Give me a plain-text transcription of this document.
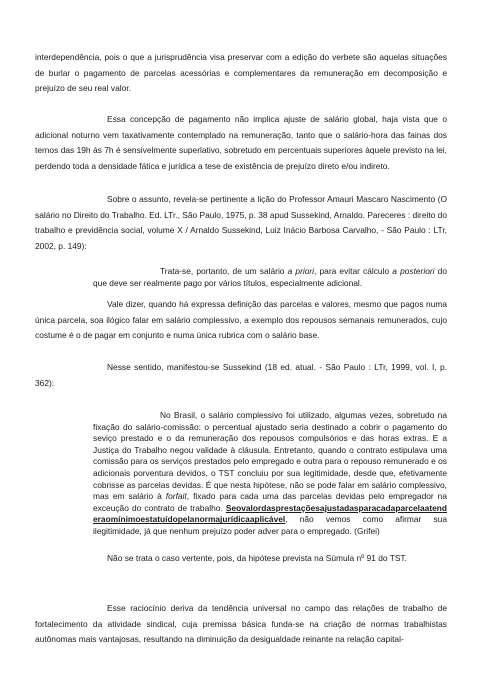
interdependência, pois o que a jurisprudência visa preservar com a edição do verbete são aquelas situações de burlar o pagamento de parcelas acessórias e complementares da remuneração em decomposição e prejuízo de seu real valor.

Essa concepção de pagamento não implica ajuste de salário global, haja vista que o adicional noturno vem taxativamente contemplado na remuneração, tanto que o salário-hora das fainas dos ternos das 19h às 7h é sensivelmente superlativo, sobretudo em percentuais superiores àquele previsto na lei, perdendo toda a densidade fática e jurídica a tese de existência de prejuízo direto e/ou indireto.

Sobre o assunto, revela-se pertinente a lição do Professor Amauri Mascaro Nascimento (O salário no Direito do Trabalho. Ed. LTr., São Paulo, 1975, p. 38 apud Sussekind, Arnaldo. Pareceres : direito do trabalho e previdência social, volume X / Arnaldo Sussekind, Luiz Inácio Barbosa Carvalho, - São Paulo : LTr, 2002, p. 149):

Trata-se, portanto, de um salário a priori, para evitar cálculo a posteriori do que deve ser realmente pago por vários títulos, especialmente adicional.

Vale dizer, quando há expressa definição das parcelas e valores, mesmo que pagos numa única parcela, soa ilógico falar em salário complessivo, a exemplo dos repousos semanais remunerados, cujo costume é o de pagar em conjunto e numa única rubrica com o salário base.

Nesse sentido, manifestou-se Sussekind (18 ed. atual. - São Paulo : LTr, 1999, vol. I, p. 362):

No Brasil, o salário complessivo foi utilizado, algumas vezes, sobretudo na fixação do salário-comissão: o percentual ajustado seria destinado a cobrir o pagamento do seviço prestado e o da remuneração dos repousos compulsórios e das horas extras. E a Justiça do Trabalho negou validade à cláusula. Entretanto, quando o contrato estipulava uma comissão para os serviços prestados pelo empregado e outra para o repouso remunerado e os adicionais porventura devidos, o TST concluiu por sua legitimidade, desde que, efetivamente cobrisse as parcelas devidas. É que nesta hipótese, não se pode falar em salário complessivo, mas em salário à forfait, fixado para cada uma das parcelas devidas pelo empregador na exceução do contrato de trabalho. Seovalordasprestaçõesajustadasparacadaparcelaatenderaomínimoestatuídopelanormajurídicaaplicável, não vemos como afirmar sua ilegitimidade, já que nenhum prejuízo poder adver para o empregado. (Grifei)

Não se trata o caso vertente, pois, da hipótese prevista na Súmula nº 91 do TST.

Esse raciocínio deriva da tendência universal no campo das relações de trabalho de fortalecimento da atividade sindical, cuja premissa básica funda-se na criação de normas trabalhistas autônomas mais vantajosas, resultando na diminuição da desigualdade reinante na relação capital-
